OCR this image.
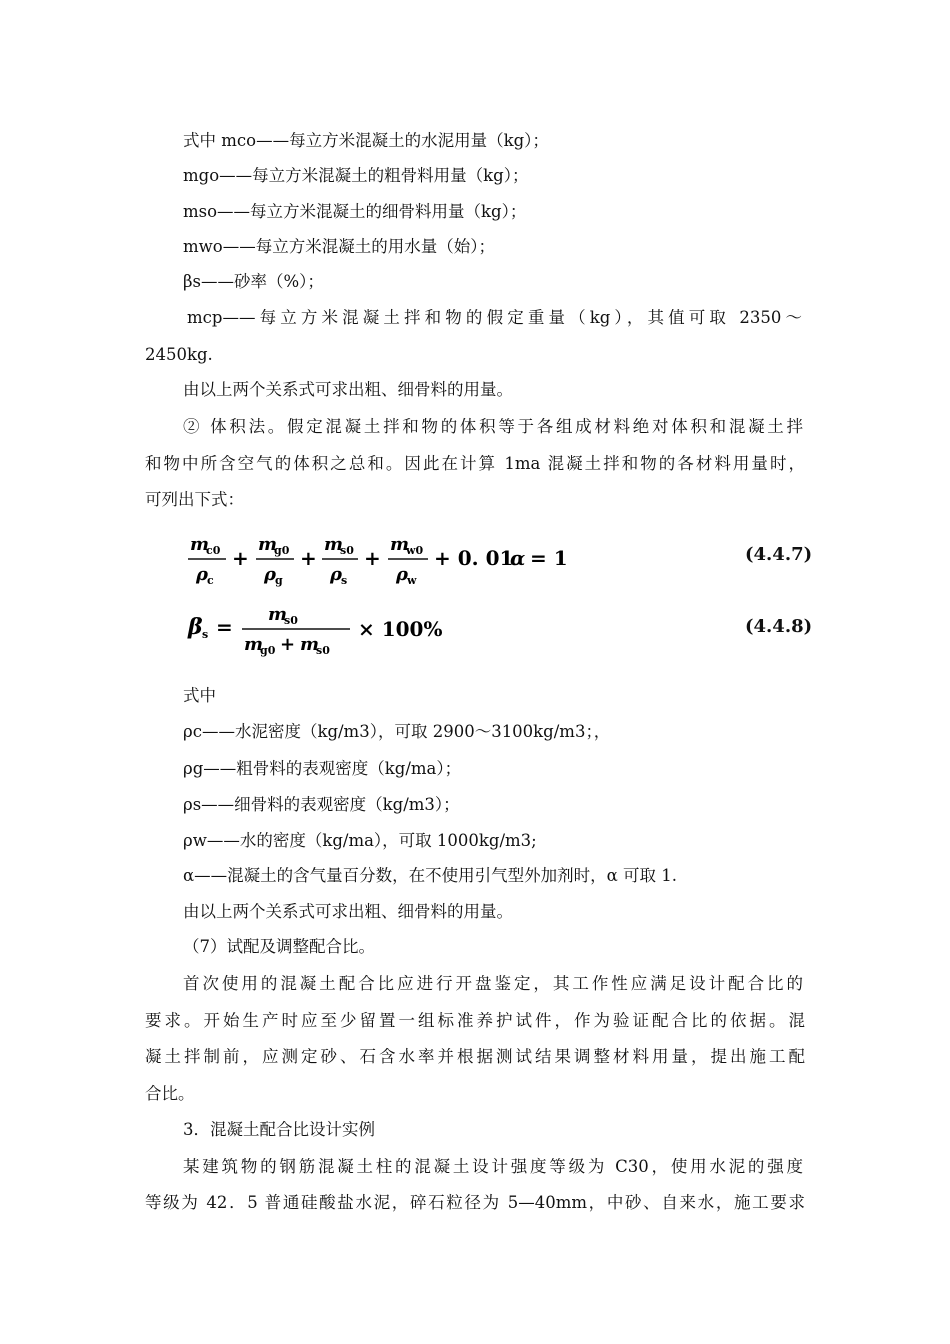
式中 mco——每立方米混凝土的水泥用量（kg）；
mgo——每立方米混凝土的粗骨料用量（kg）；
mso——每立方米混凝土的细骨料用量（kg）；
mwo——每立方米混凝土的用水量（始）；
βs——砂率（%）；
mcp——每立方米混凝土拌和物的假定重量（kg），其值可取 2350～
2450kg.
由以上两个关系式可求出粗、细骨料的用量。
② 体积法。假定混凝土拌和物的体积等于各组成材料绝对体积和混凝土拌
和物中所含空气的体积之总和。因此在计算 1ma 混凝土拌和物的各材料用量时，
可列出下式：
m
c0
ρ c
+
m
g0
ρ g
+
m
s0
ρ s
+
m
w0
ρ w
+ 0. 01
α = 1	(4.4.7)
β s =
m
s0
m
g0 + m
s0
× 100%	(4.4.8)
式中
ρc——水泥密度（kg/m3），可取 2900～3100kg/m3；，
ρg——粗骨料的表观密度（kg/ma）；
ρs——细骨料的表观密度（kg/m3）；
ρw——水的密度（kg/ma），可取 1000kg/m3;
α——混凝土的含气量百分数，在不使用引气型外加剂时，α 可取 1.
由以上两个关系式可求出粗、细骨料的用量。
（7）试配及调整配合比。
首次使用的混凝土配合比应进行开盘鉴定，其工作性应满足设计配合比的
要求。开始生产时应至少留置一组标准养护试件，作为验证配合比的依据。混
凝土拌制前，应测定砂、石含水率并根据测试结果调整材料用量，提出施工配
合比。
3．混凝土配合比设计实例
某建筑物的钢筋混凝土柱的混凝土设计强度等级为 C30，使用水泥的强度
等级为 42．5 普通硅酸盐水泥，碎石粒径为 5—40mm，中砂、自来水，施工要求
